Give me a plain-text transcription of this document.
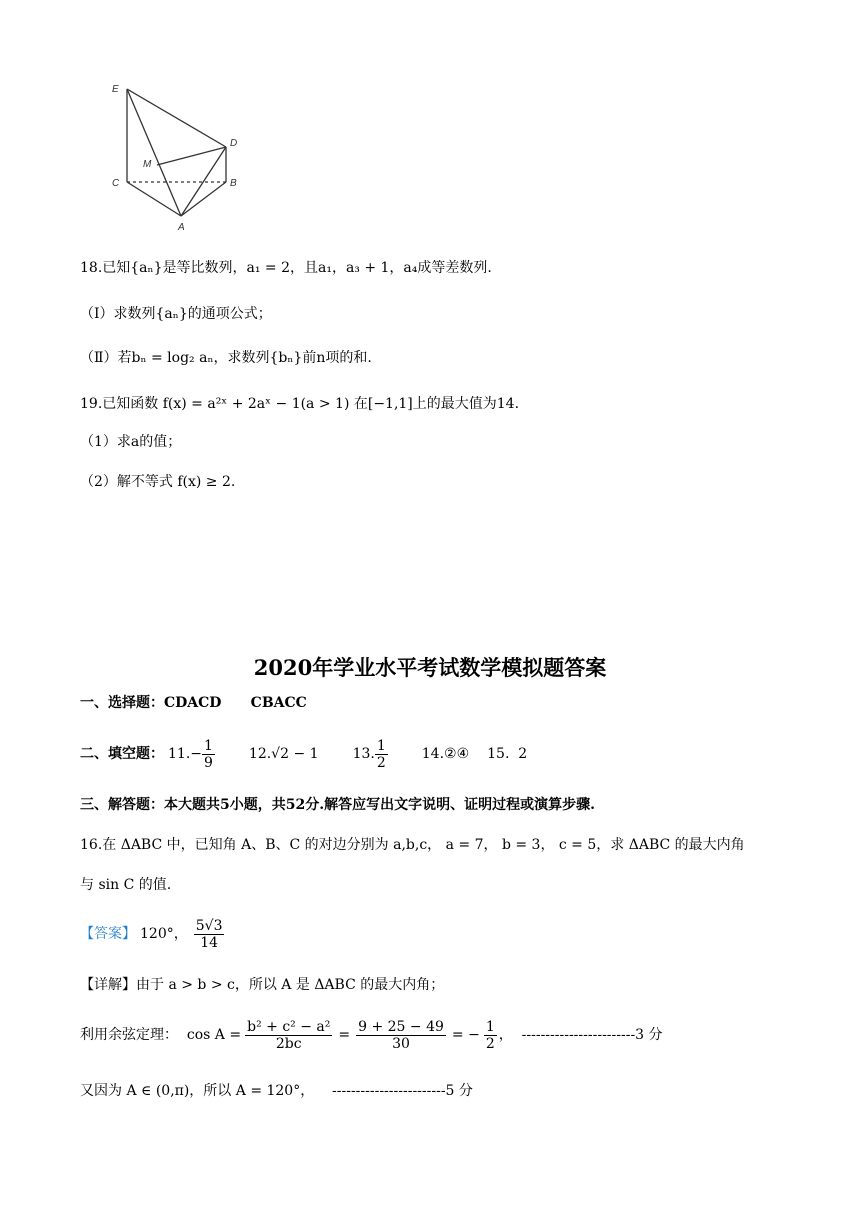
E
D
M
C	B
A
18.已知{aₙ}是等比数列，a₁ = 2，且a₁，a₃ + 1，a₄成等差数列.
（Ⅰ）求数列{aₙ}的通项公式；
（Ⅱ）若bₙ = log₂ aₙ，求数列{bₙ}前n项的和.
19.已知函数 f(x) = a²ˣ + 2aˣ − 1(a > 1) 在[−1,1]上的最大值为14.
（1）求a的值；
（2）解不等式 f(x) ≥ 2.
2020年学业水平考试数学模拟题答案
一、选择题：CDACD      CBACC
二、填空题： 11. − $\frac{1}{9} 12.√2 - 1$ 13. $\frac{1}{2}$ 14.②④ 15.  2
三、解答题：本大题共5小题，共52分.解答应写出文字说明、证明过程或演算步骤.
16.在 ΔABC 中，已知角 A、B、C 的对边分别为 a,b,c， a = 7， b = 3， c = 5，求 ΔABC 的最大内角
与 sin C 的值.
【答案】 120°， $\frac{5√3}{14}$
【详解】由于 a > b > c，所以 A 是 ΔABC 的最大内角；
利用余弦定理：  $\cos A = \frac{\text{b² + c² − a²}}{2bc} = \frac{9 + 25 - 49}{30}$ = − $\frac{1}{2}$ ，  ------------------------3 分
又因为 A ∈ (0,π)，所以 A = 120°，    ------------------------5 分
